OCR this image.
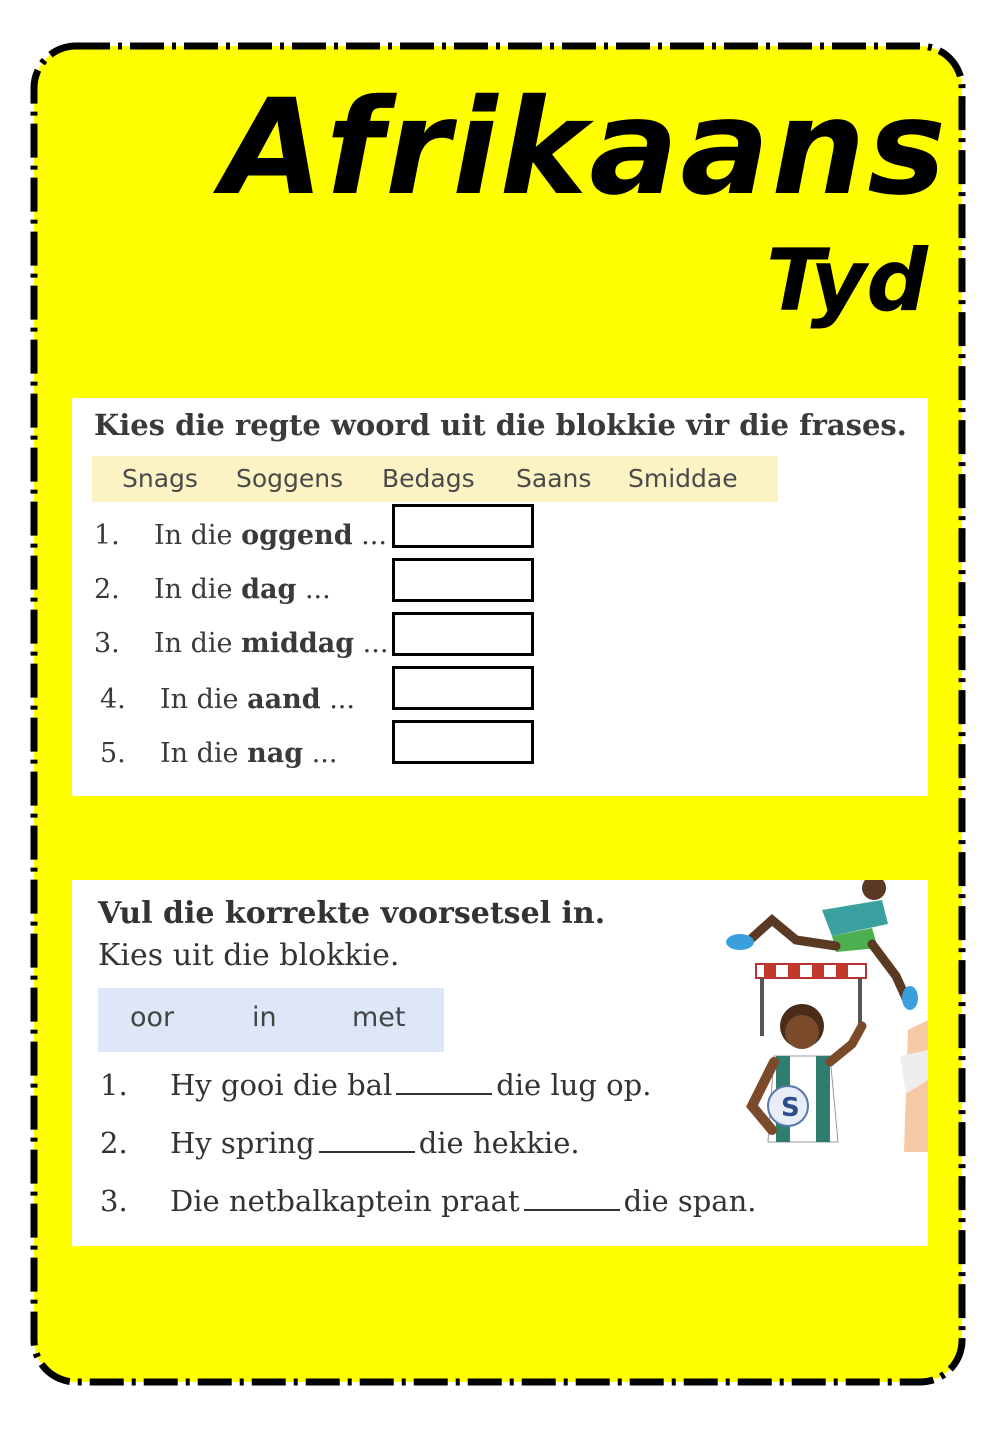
Afrikaans
Tyd
Kies die regte woord uit die blokkie vir die frases.
Snags Soggens Bedags Saans Smiddae
1. In die oggend ...
2. In die dag ...
3. In die middag ...
4. In die aand ...
5. In die nag ...
Vul die korrekte voorsetsel in.
Kies uit die blokkie.
oor	in	met
1. Hy gooi die bal	die lug op.
2. Hy spring	die hekkie.
3. Die netbalkaptein praat	die span.
S
